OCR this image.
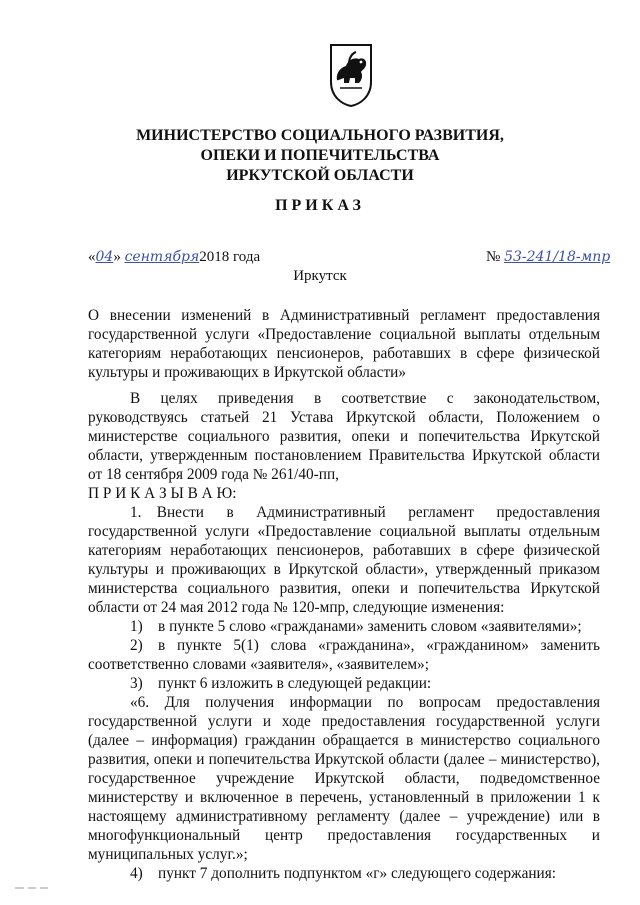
МИНИСТЕРСТВО СОЦИАЛЬНОГО РАЗВИТИЯ,
ОПЕКИ И ПОПЕЧИТЕЛЬСТВА
ИРКУТСКОЙ ОБЛАСТИ
ПРИКАЗ
«04» сентября2018 года	№ 53-241/18-мпр
Иркутск

О внесении изменений в Административный регламент предоставления государственной услуги «Предоставление социальной выплаты отдельным категориям неработающих пенсионеров, работавших в сфере физической культуры и проживающих в Иркутской области»

В целях приведения в соответствие с законодательством, руководствуясь статьей 21 Устава Иркутской области, Положением о министерстве социального развития, опеки и попечительства Иркутской области, утвержденным постановлением Правительства Иркутской области от 18 сентября 2009 года № 261/40-пп,

П Р И К А З Ы В А Ю:

1. Внести в Административный регламент предоставления государственной услуги «Предоставление социальной выплаты отдельным категориям неработающих пенсионеров, работавших в сфере физической культуры и проживающих в Иркутской области», утвержденный приказом министерства социального развития, опеки и попечительства Иркутской области от 24 мая 2012 года № 120-мпр, следующие изменения:

1) в пункте 5 слово «гражданами» заменить словом «заявителями»;

2) в пункте 5(1) слова «гражданина», «гражданином» заменить соответственно словами «заявителя», «заявителем»;

3) пункт 6 изложить в следующей редакции:

«6. Для получения информации по вопросам предоставления государственной услуги и ходе предоставления государственной услуги (далее – информация) гражданин обращается в министерство социального развития, опеки и попечительства Иркутской области (далее – министерство), государственное учреждение Иркутской области, подведомственное министерству и включенное в перечень, установленный в приложении 1 к настоящему административному регламенту (далее – учреждение) или в многофункциональный центр предоставления государственных и муниципальных услуг.»;

4) пункт 7 дополнить подпунктом «г» следующего содержания:
